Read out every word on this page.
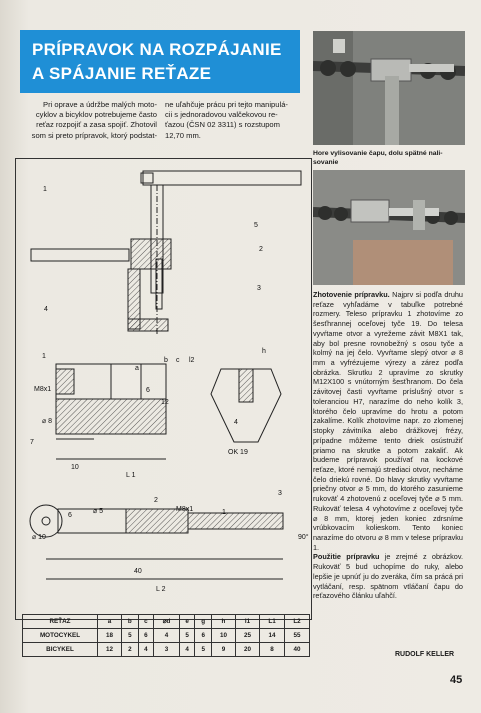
PRÍPRAVOK NA ROZPÁJANIE
A SPÁJANIE REŤAZE
Pri oprave a údržbe malých moto-
cyklov a bicyklov potrebujeme často
reťaz rozpojiť a zasa spojiť. Zhotovil
som si preto prípravok, ktorý podstat-
ne uľahčuje prácu pri tejto manipulá-
cii s jednoradovou valčekovou re-
ťazou (ČSN 02 3311) s rozstupom
12,70 mm.
Hore vylisovanie čapu, dolu spätné nali-
sovanie
1
5
2
3
4
1
a
b c l2
h
6
12
4
OK 19
M8x1
7
⌀ 8
10
L 1
2
3
6
⌀ 5	M8x1	1
⌀ 10	90°
40
L 2
REŤAZ	a	b	c	⌀d	e	g	h	l1	L1	L2
MOTOCYKEL	18	5	6	4	5	6	10	25	14	55
BICYKEL	12	2	4	3	4	5	9	20	8	40

Zhotovenie prípravku. Najprv si podľa druhu reťaze vyhľadáme v tabuľke potrebné rozmery. Teleso prípravku 1 zhotovíme zo šesťhrannej oceľovej tyče 19. Do telesa vyvŕtame otvor a vyrežeme závit M8X1 tak, aby bol presne rovnobežný s osou tyče a kolmý na jej čelo. Vyvŕtame slepý otvor ⌀ 8 mm a vyfrézujeme výrezy a zárez podľa obrázka. Skrutku 2 upravíme zo skrutky M12X100 s vnútorným šesťhranom. Do čela závitovej časti vyvŕtame príslušný otvor s toleranciou H7, narazíme do neho kolík 3, ktorého čelo upravíme do hrotu a potom zakalíme. Kolík zhotovíme napr. zo zlomenej stopky závitníka alebo drážkovej frézy, prípadne môžeme tento driek osústružiť priamo na skrutke a potom zakaliť. Ak budeme prípravok používať na kockové reťaze, ktoré nemajú strediaci otvor, necháme čelo driekú rovné. Do hlavy skrutky vyvŕtame priečny otvor ⌀ 5 mm, do ktorého zasunieme rukoväť 4 zhotovenú z oceľovej tyče ⌀ 5 mm. Rukoväť telesa 4 vyhotovíme z oceľovej tyče ⌀ 8 mm, ktorej jeden koniec zdrsníme vrúbkovacím kolieskom. Tento koniec narazíme do otvoru ⌀ 8 mm v telese prípravku 1.

Použitie prípravku je zrejmé z obrázkov. Rukoväť 5 bud uchopíme do ruky, alebo lepšie je upnúť ju do zveráka, čím sa prácá pri vytláčaní, resp. spätnom vtláčaní čapu do reťazového článku uľahčí.

RUDOLF KELLER
45
